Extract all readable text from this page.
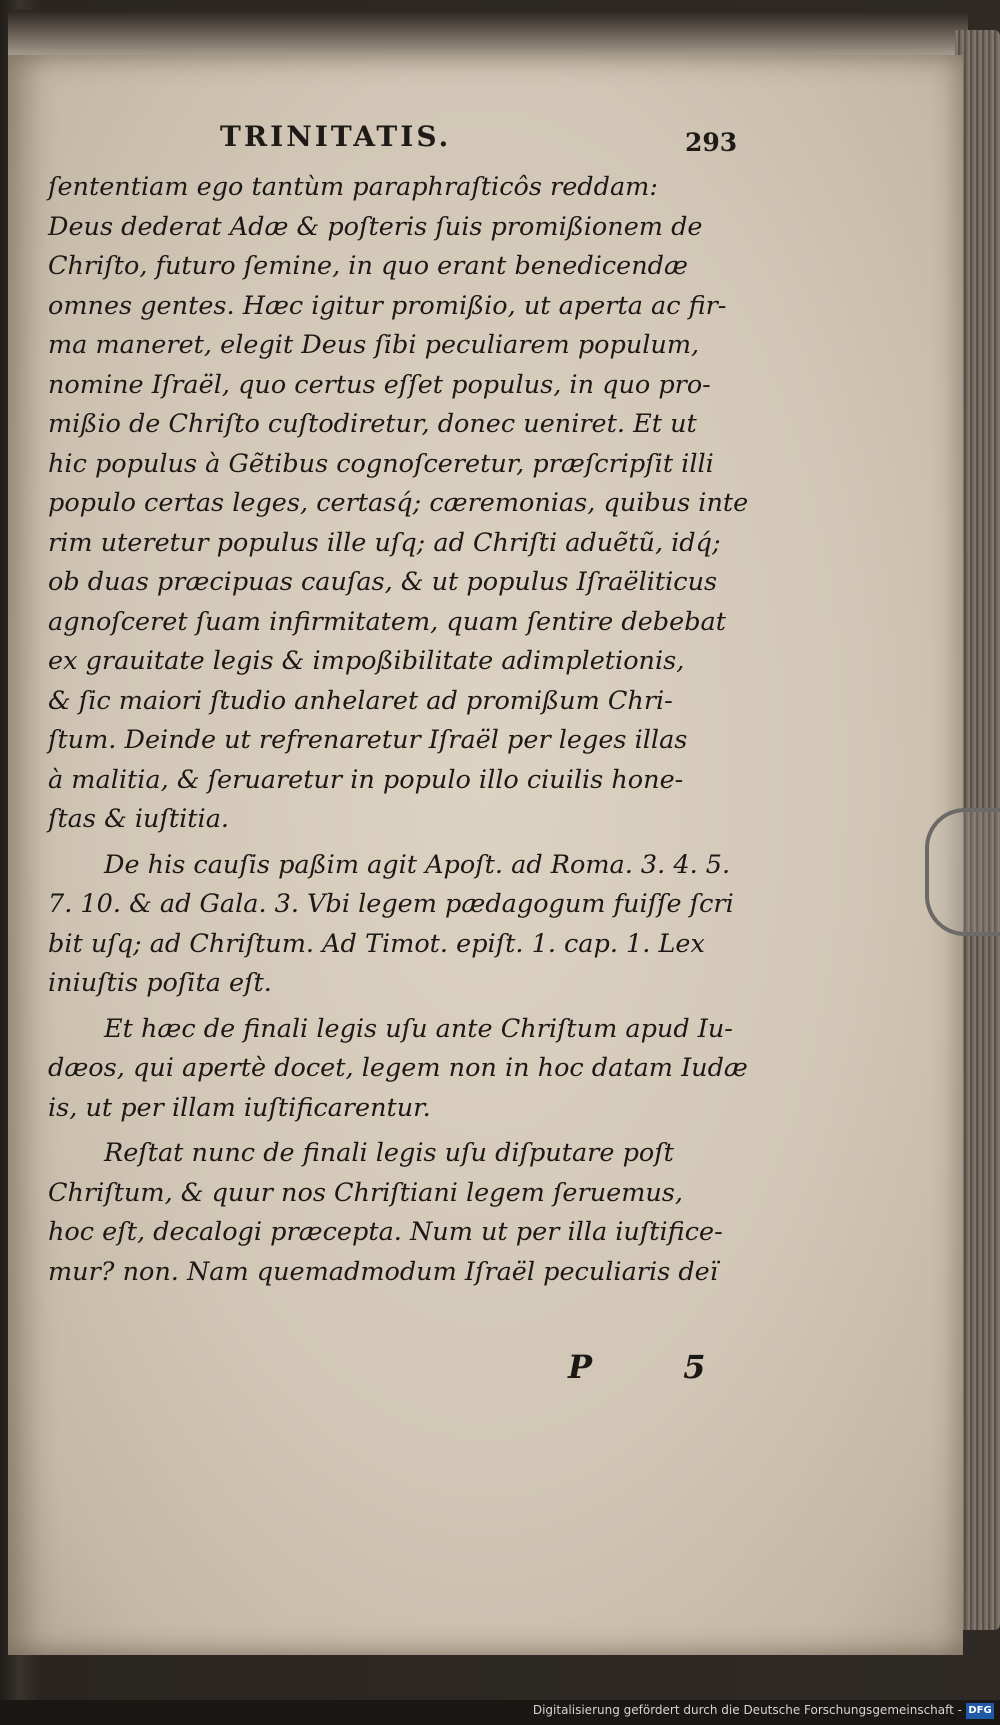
TRINITATIS.	293
ſententiam ego tantùm paraphraſticôs reddam:
Deus dederat Adæ & poſteris ſuis promißionem de
Chriſto, futuro ſemine, in quo erant benedicendæ
omnes gentes. Hæc igitur promißio, ut aperta ac fir-
ma maneret, elegit Deus ſibi peculiarem populum,
nomine Iſraël, quo certus eſſet populus, in quo pro-
mißio de Chriſto cuſtodiretur, donec ueniret. Et ut
hic populus à Gẽtibus cognoſceretur, præſcripſit illi
populo certas leges, certasq́; cæremonias, quibus inte
rim uteretur populus ille uſq; ad Chriſti aduẽtũ, idq́;
ob duas præcipuas cauſas, & ut populus Iſraëliticus
agnoſceret ſuam infirmitatem, quam ſentire debebat
ex grauitate legis & impoßibilitate adimpletionis,
& ſic maiori ſtudio anhelaret ad promißum Chri-
ſtum. Deinde ut refrenaretur Iſraël per leges illas
à malitia, & ſeruaretur in populo illo ciuilis hone-
ſtas & iuſtitia.
De his cauſis paßim agit Apoſt. ad Roma. 3. 4. 5.
7. 10. & ad Gala. 3. Vbi legem pædagogum fuiſſe ſcri
bit uſq; ad Chriſtum. Ad Timot. epiſt. 1. cap. 1. Lex
iniuſtis poſita eſt.
Et hæc de finali legis uſu ante Chriſtum apud Iu-
dæos, qui apertè docet, legem non in hoc datam Iudæ
is, ut per illam iuſtificarentur.
Reſtat nunc de finali legis uſu diſputare poſt
Chriſtum, & quur nos Chriſtiani legem ſeruemus,
hoc eſt, decalogi præcepta. Num ut per illa iuſtifice-
mur? non. Nam quemadmodum Iſraël peculiaris deï
P 5
Digitalisierung gefördert durch die Deutsche Forschungsgemeinschaft - DFG
